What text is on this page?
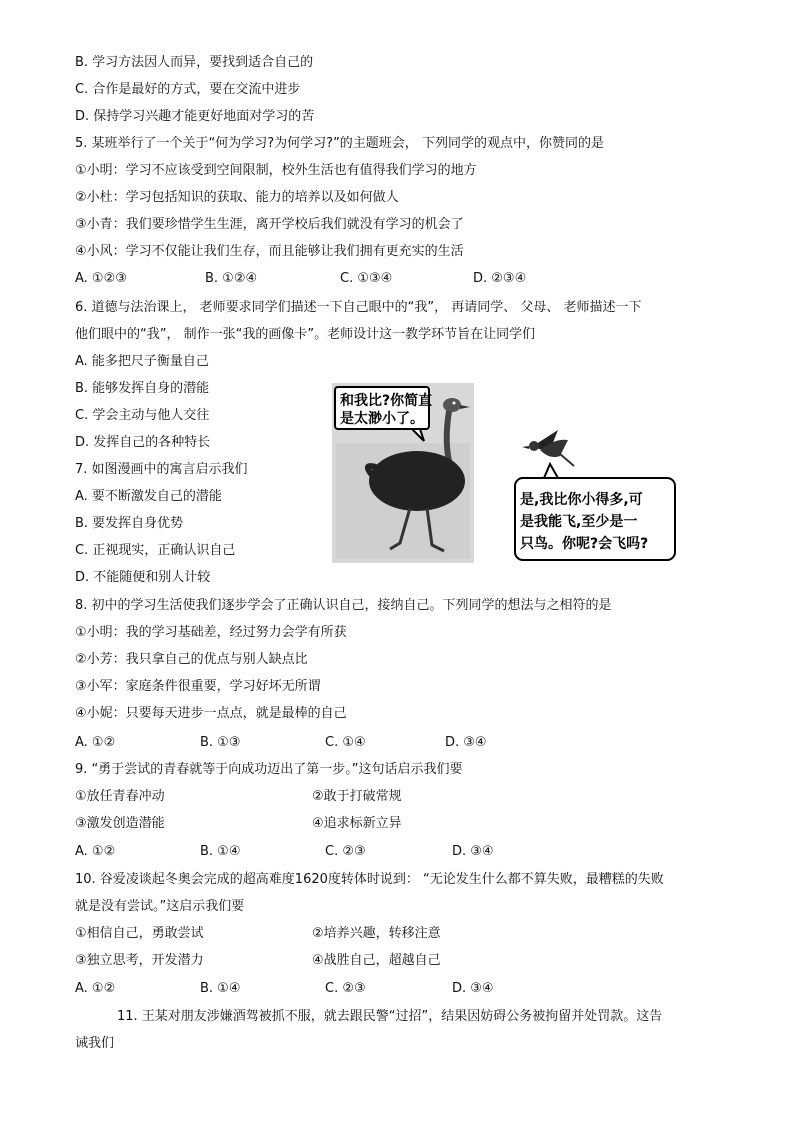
B. 学习方法因人而异，要找到适合自己的
C. 合作是最好的方式，要在交流中进步
D. 保持学习兴趣才能更好地面对学习的苦
5. 某班举行了一个关于“何为学习?为何学习?”的主题班会， 下列同学的观点中，你赞同的是
①小明：学习不应该受到空间限制，校外生活也有值得我们学习的地方
②小杜：学习包括知识的获取、能力的培养以及如何做人
③小青：我们要珍惜学生生涯，离开学校后我们就没有学习的机会了
④小风：学习不仅能让我们生存，而且能够让我们拥有更充实的生活
A. ①②③	B. ①②④	C. ①③④	D. ②③④
6. 道德与法治课上， 老师要求同学们描述一下自己眼中的“我”， 再请同学、 父母、 老师描述一下
他们眼中的“我”， 制作一张“我的画像卡”。老师设计这一教学环节旨在让同学们
A. 能多把尺子衡量自己
B. 能够发挥自身的潜能
C. 学会主动与他人交往
D. 发挥自己的各种特长
7. 如图漫画中的寓言启示我们
A. 要不断激发自己的潜能
B. 要发挥自身优势
C. 正视现实，正确认识自己
D. 不能随便和别人计较
和我比?你简直
是太渺小了。
是,我比你小得多,可
是我能飞,至少是一
只鸟。你呢?会飞吗?
8. 初中的学习生活使我们逐步学会了正确认识自己，接纳自己。下列同学的想法与之相符的是
①小明：我的学习基础差，经过努力会学有所获
②小芳：我只拿自己的优点与别人缺点比
③小军：家庭条件很重要，学习好坏无所谓
④小妮：只要每天进步一点点，就是最棒的自己
A. ①②	B. ①③	C. ①④	D. ③④
9. “勇于尝试的青春就等于向成功迈出了第一步。”这句话启示我们要
①放任青春冲动	②敢于打破常规
③激发创造潜能	④追求标新立异
A. ①②	B. ①④	C. ②③	D. ③④
10. 谷爱凌谈起冬奥会完成的超高难度1620度转体时说到： “无论发生什么都不算失败，最糟糕的失败
就是没有尝试。”这启示我们要
①相信自己，勇敢尝试	②培养兴趣，转移注意
③独立思考，开发潜力	④战胜自己，超越自己
A. ①②	B. ①④	C. ②③	D. ③④
11. 王某对朋友涉嫌酒驾被抓不服，就去跟民警“过招”，结果因妨碍公务被拘留并处罚款。这告
诫我们
